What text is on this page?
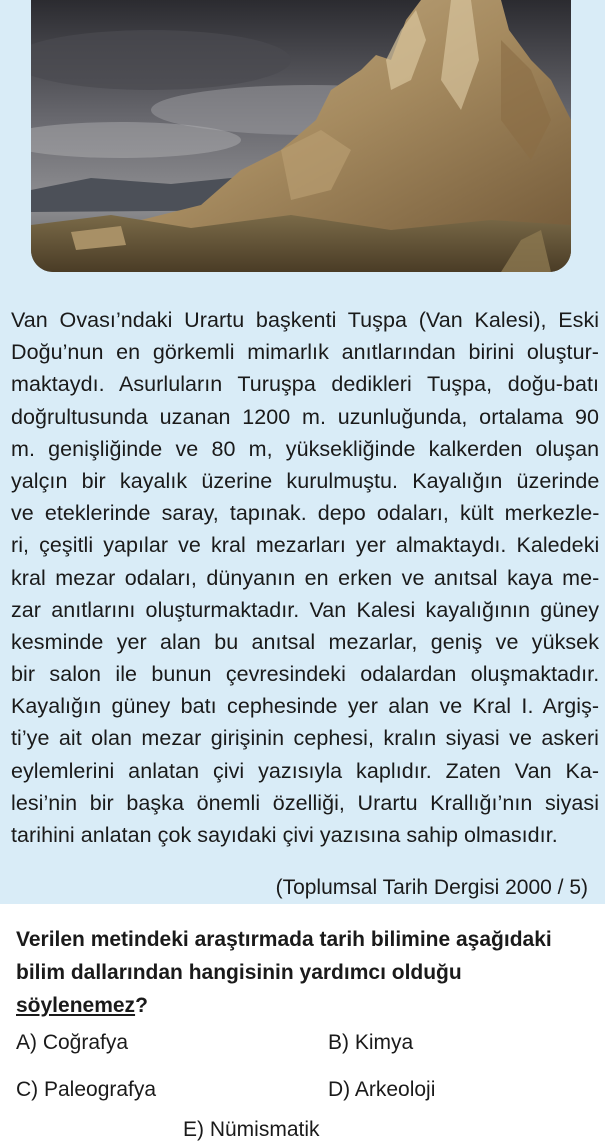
Van Ovası’ndaki Urartu başkenti Tuşpa (Van Kalesi), Eski
Doğu’nun en görkemli mimarlık anıtlarından birini oluştur-
maktaydı. Asurluların Turuşpa dedikleri Tuşpa, doğu-batı
doğrultusunda uzanan 1200 m. uzunluğunda, ortalama 90
m. genişliğinde ve 80 m, yüksekliğinde kalkerden oluşan
yalçın bir kayalık üzerine kurulmuştu. Kayalığın üzerinde
ve eteklerinde saray, tapınak. depo odaları, kült merkezle-
ri, çeşitli yapılar ve kral mezarları yer almaktaydı. Kaledeki
kral mezar odaları, dünyanın en erken ve anıtsal kaya me-
zar anıtlarını oluşturmaktadır. Van Kalesi kayalığının güney
kesminde yer alan bu anıtsal mezarlar, geniş ve yüksek
bir salon ile bunun çevresindeki odalardan oluşmaktadır.
Kayalığın güney batı cephesinde yer alan ve Kral I. Argiş-
ti’ye ait olan mezar girişinin cephesi, kralın siyasi ve askeri
eylemlerini anlatan çivi yazısıyla kaplıdır. Zaten Van Ka-
lesi’nin bir başka önemli özelliği, Urartu Krallığı’nın siyasi
tarihini anlatan çok sayıdaki çivi yazısına sahip olmasıdır.
(Toplumsal Tarih Dergisi 2000 / 5)
Verilen metindeki araştırmada tarih bilimine aşağıdaki bilim dallarından hangisinin yardımcı olduğu söylenemez?
A) Coğrafya	B) Kimya
C) Paleografya	D) Arkeoloji
E) Nümismatik
